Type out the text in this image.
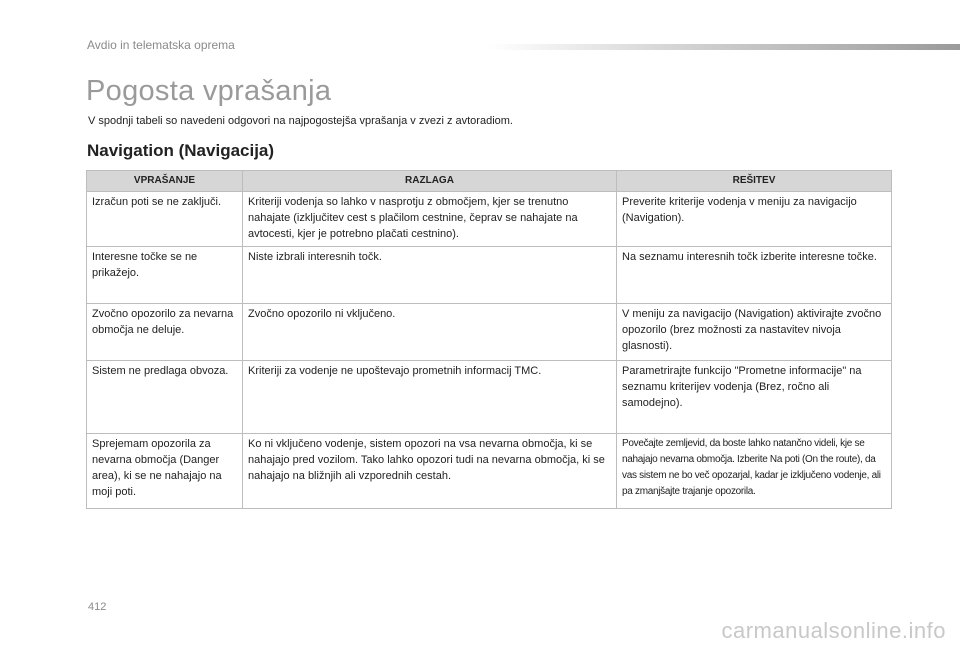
Avdio in telematska oprema
Pogosta vprašanja
V spodnji tabeli so navedeni odgovori na najpogostejša vprašanja v zvezi z avtoradiom.
Navigation (Navigacija)
VPRAŠANJE	RAZLAGA	REŠITEV
Izračun poti se ne zaključi.	Kriteriji vodenja so lahko v nasprotju z območjem, kjer se trenutno nahajate (izključitev cest s plačilom cestnine, čeprav se nahajate na avtocesti, kjer je potrebno plačati cestnino).	Preverite kriterije vodenja v meniju za navigacijo (Navigation).
Interesne točke se ne prikažejo.	Niste izbrali interesnih točk.	Na seznamu interesnih točk izberite interesne točke.
Zvočno opozorilo za nevarna območja ne deluje.	Zvočno opozorilo ni vključeno.	V meniju za navigacijo (Navigation) aktivirajte zvočno opozorilo (brez možnosti za nastavitev nivoja glasnosti).
Sistem ne predlaga obvoza.	Kriteriji za vodenje ne upoštevajo prometnih informacij TMC.	Parametrirajte funkcijo "Prometne informacije" na seznamu kriterijev vodenja (Brez, ročno ali samodejno).
Sprejemam opozorila za nevarna območja (Danger area), ki se ne nahajajo na moji poti.	Ko ni vključeno vodenje, sistem opozori na vsa nevarna območja, ki se nahajajo pred vozilom. Tako lahko opozori tudi na nevarna območja, ki se nahajajo na bližnjih ali vzporednih cestah.	Povečajte zemljevid, da boste lahko natančno videli, kje se nahajajo nevarna območja. Izberite Na poti (On the route), da vas sistem ne bo več opozarjal, kadar je izključeno vodenje, ali pa zmanjšajte trajanje opozorila.
412
carmanualsonline.info
